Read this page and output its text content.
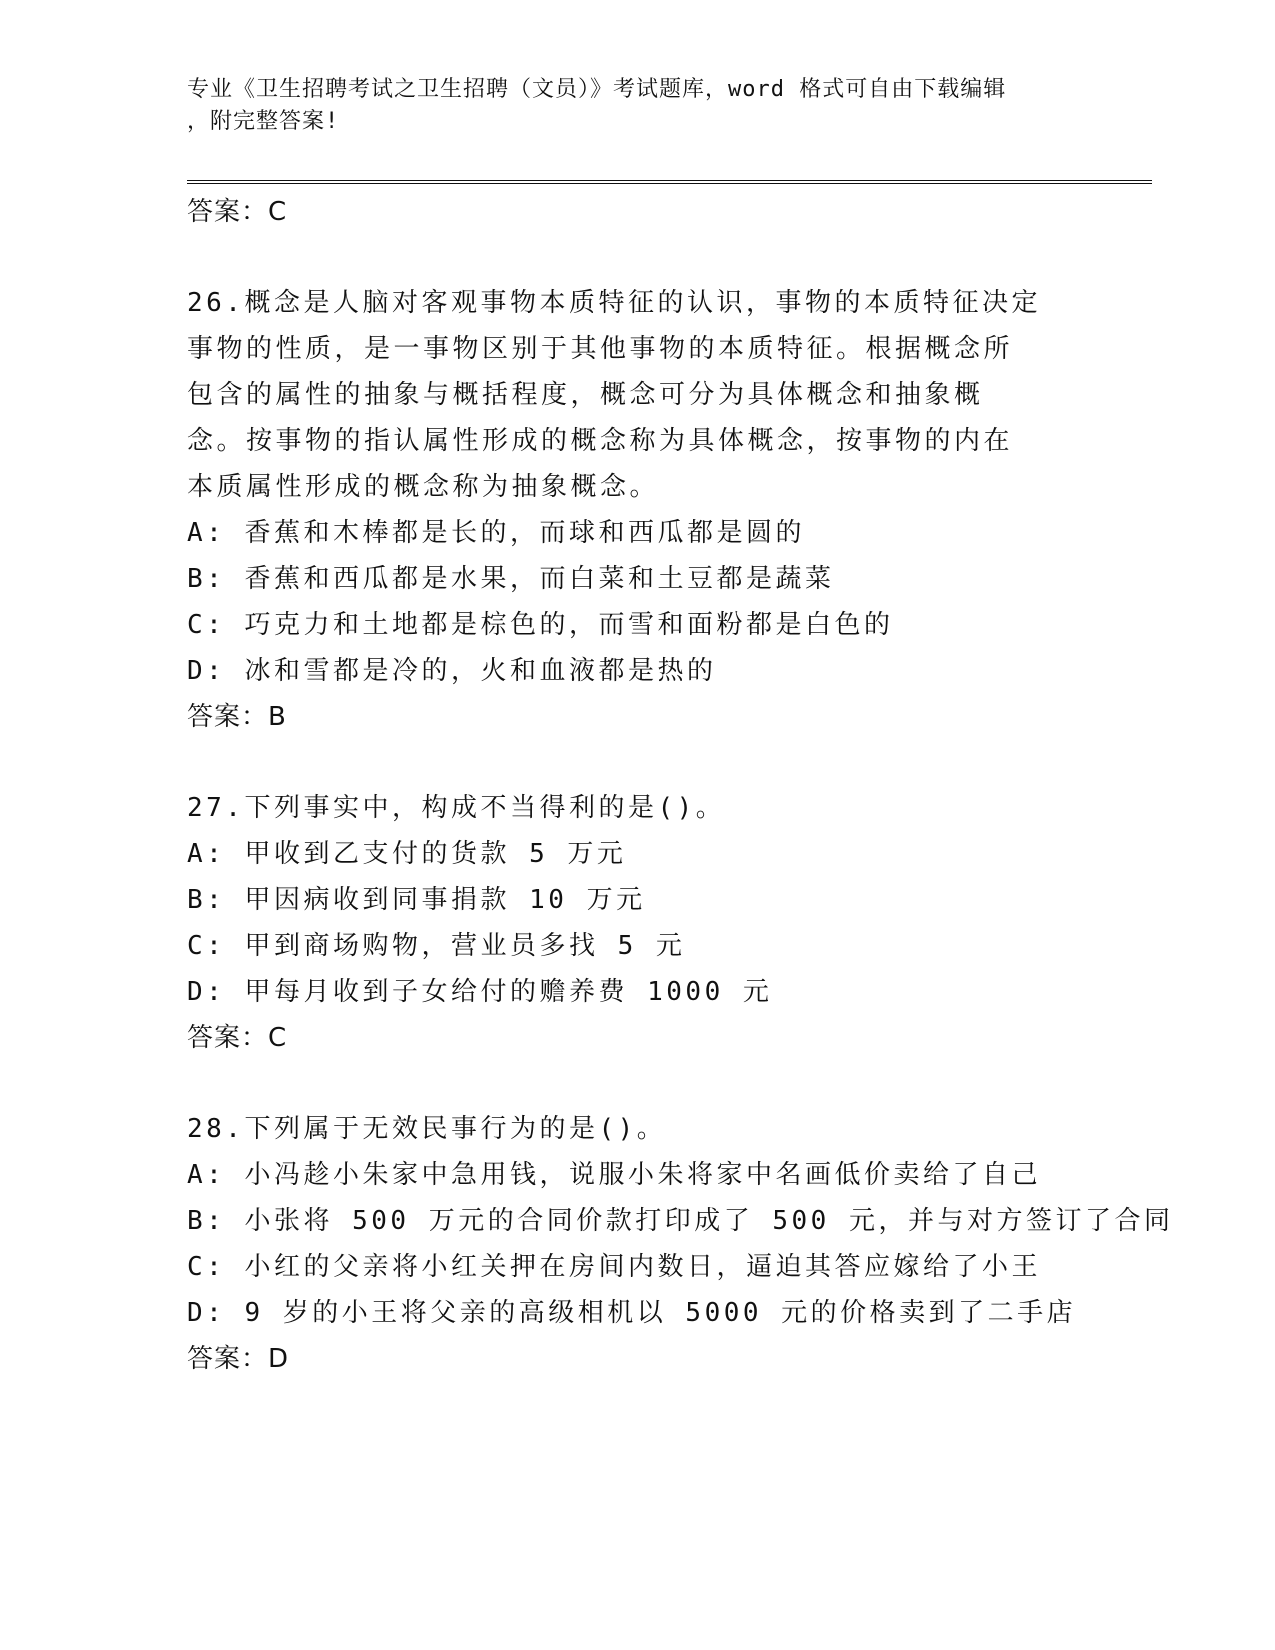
专业《卫生招聘考试之卫生招聘（文员）》考试题库，word 格式可自由下载编辑
，附完整答案!
答案：C
26.概念是人脑对客观事物本质特征的认识，事物的本质特征决定事物的性质，是一事物区别于其他事物的本质特征。根据概念所包含的属性的抽象与概括程度，概念可分为具体概念和抽象概念。按事物的指认属性形成的概念称为具体概念，按事物的内在本质属性形成的概念称为抽象概念。
A: 香蕉和木棒都是长的，而球和西瓜都是圆的
B: 香蕉和西瓜都是水果，而白菜和土豆都是蔬菜
C: 巧克力和土地都是棕色的，而雪和面粉都是白色的
D: 冰和雪都是冷的，火和血液都是热的
答案：B
27.下列事实中，构成不当得利的是()。
A: 甲收到乙支付的货款 5 万元
B: 甲因病收到同事捐款 10 万元
C: 甲到商场购物，营业员多找 5 元
D: 甲每月收到子女给付的赡养费 1000 元
答案：C
28.下列属于无效民事行为的是()。
A: 小冯趁小朱家中急用钱，说服小朱将家中名画低价卖给了自己
B: 小张将 500 万元的合同价款打印成了 500 元，并与对方签订了合同
C: 小红的父亲将小红关押在房间内数日，逼迫其答应嫁给了小王
D: 9 岁的小王将父亲的高级相机以 5000 元的价格卖到了二手店
答案：D
